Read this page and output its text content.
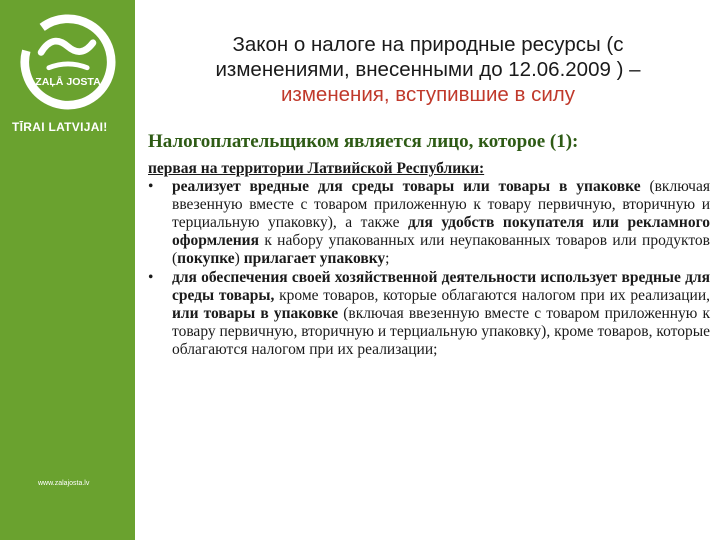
ZAĻĀ JOSTA
TĪRAI LATVIJAI!
www.zalajosta.lv
Закон о налоге на природные ресурсы (с
изменениями, внесенными до 12.06.2009 ) –
изменения, вступившие в силу
Налогоплательщиком является лицо, которое (1):
первая на территории Латвийской Республики:
•	реализует вредные для среды товары или товары в упаковке (включая ввезенную вместе с товаром приложенную к товару первичную, вторичную и терциальную упаковку), а также для удобств покупателя или рекламного оформления к набору упакованных или неупакованных товаров или продуктов (покупке) прилагает упаковку;
•	для обеспечения своей хозяйственной деятельности использует вредные для среды товары, кроме товаров, которые облагаются налогом при их реализации, или товары в упаковке (включая ввезенную вместе с товаром приложенную к товару первичную, вторичную и терциальную упаковку), кроме товаров, которые облагаются налогом при их реализации;
